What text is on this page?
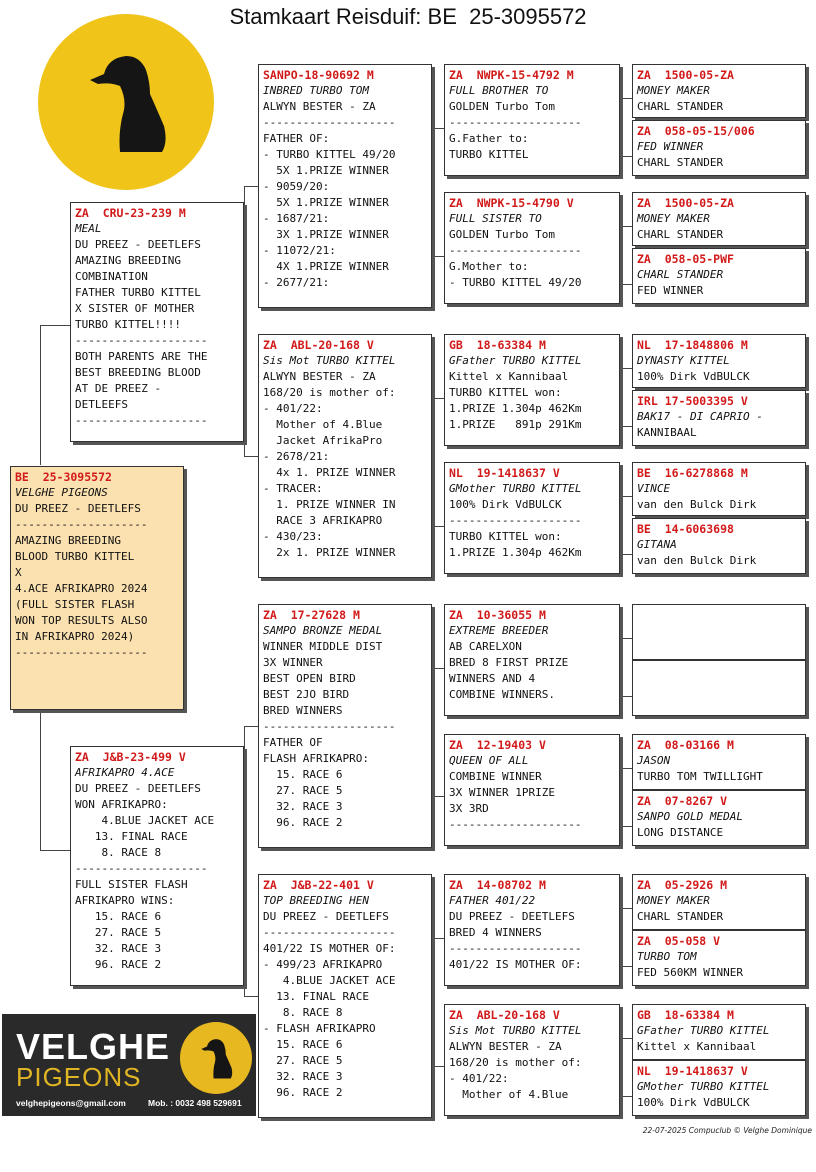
Stamkaart Reisduif: BE  25-3095572
BE  25-3095572
VELGHE PIGEONS
DU PREEZ - DEETLEFS
--------------------
AMAZING BREEDING
BLOOD TURBO KITTEL
X
4.ACE AFRIKAPRO 2024
(FULL SISTER FLASH
WON TOP RESULTS ALSO
IN AFRIKAPRO 2024)
--------------------
ZA  CRU-23-239 M
MEAL
DU PREEZ - DEETLEFS
AMAZING BREEDING
COMBINATION
FATHER TURBO KITTEL
X SISTER OF MOTHER
TURBO KITTEL!!!!
--------------------
BOTH PARENTS ARE THE
BEST BREEDING BLOOD
AT DE PREEZ -
DETLEEFS
--------------------
ZA  J&B-23-499 V
AFRIKAPRO 4.ACE
DU PREEZ - DEETLEFS
WON AFRIKAPRO:
4.BLUE JACKET ACE
13. FINAL RACE
8. RACE 8
--------------------
FULL SISTER FLASH
AFRIKAPRO WINS:
15. RACE 6
27. RACE 5
32. RACE 3
96. RACE 2
SANPO-18-90692 M
INBRED TURBO TOM
ALWYN BESTER - ZA
--------------------
FATHER OF:
- TURBO KITTEL 49/20
5X 1.PRIZE WINNER
- 9059/20:
5X 1.PRIZE WINNER
- 1687/21:
3X 1.PRIZE WINNER
- 11072/21:
4X 1.PRIZE WINNER
- 2677/21:
ZA  ABL-20-168 V
Sis Mot TURBO KITTEL
ALWYN BESTER - ZA
168/20 is mother of:
- 401/22:
Mother of 4.Blue
Jacket AfrikaPro
- 2678/21:
4x 1. PRIZE WINNER
- TRACER:
1. PRIZE WINNER IN
RACE 3 AFRIKAPRO
- 430/23:
2x 1. PRIZE WINNER
ZA  17-27628 M
SAMPO BRONZE MEDAL
WINNER MIDDLE DIST
3X WINNER
BEST OPEN BIRD
BEST 2JO BIRD
BRED WINNERS
--------------------
FATHER OF
FLASH AFRIKAPRO:
15. RACE 6
27. RACE 5
32. RACE 3
96. RACE 2
ZA  J&B-22-401 V
TOP BREEDING HEN
DU PREEZ - DEETLEFS
--------------------
401/22 IS MOTHER OF:
- 499/23 AFRIKAPRO
4.BLUE JACKET ACE
13. FINAL RACE
8. RACE 8
- FLASH AFRIKAPRO
15. RACE 6
27. RACE 5
32. RACE 3
96. RACE 2
ZA  NWPK-15-4792 M
FULL BROTHER TO
GOLDEN Turbo Tom
--------------------
G.Father to:
TURBO KITTEL
ZA  NWPK-15-4790 V
FULL SISTER TO
GOLDEN Turbo Tom
--------------------
G.Mother to:
- TURBO KITTEL 49/20
GB  18-63384 M
GFather TURBO KITTEL
Kittel x Kannibaal
TURBO KITTEL won:
1.PRIZE 1.304p 462Km
1.PRIZE   891p 291Km
NL  19-1418637 V
GMother TURBO KITTEL
100% Dirk VdBULCK
--------------------
TURBO KITTEL won:
1.PRIZE 1.304p 462Km
ZA  10-36055 M
EXTREME BREEDER
AB CARELXON
BRED 8 FIRST PRIZE
WINNERS AND 4
COMBINE WINNERS.
ZA  12-19403 V
QUEEN OF ALL
COMBINE WINNER
3X WINNER 1PRIZE
3X 3RD
--------------------
ZA  14-08702 M
FATHER 401/22
DU PREEZ - DEETLEFS
BRED 4 WINNERS
--------------------
401/22 IS MOTHER OF:
ZA  ABL-20-168 V
Sis Mot TURBO KITTEL
ALWYN BESTER - ZA
168/20 is mother of:
- 401/22:
Mother of 4.Blue
ZA  1500-05-ZA
MONEY MAKER
CHARL STANDER
ZA  058-05-15/006
FED WINNER
CHARL STANDER
ZA  1500-05-ZA
MONEY MAKER
CHARL STANDER
ZA  058-05-PWF
CHARL STANDER
FED WINNER
NL  17-1848806 M
DYNASTY KITTEL
100% Dirk VdBULCK
IRL 17-5003395 V
BAK17 - DI CAPRIO -
KANNIBAAL
BE  16-6278868 M
VINCE
van den Bulck Dirk
BE  14-6063698
GITANA
van den Bulck Dirk
ZA  08-03166 M
JASON
TURBO TOM TWILLIGHT
ZA  07-8267 V
SANPO GOLD MEDAL
LONG DISTANCE
ZA  05-2926 M
MONEY MAKER
CHARL STANDER
ZA  05-058 V
TURBO TOM
FED 560KM WINNER
GB  18-63384 M
GFather TURBO KITTEL
Kittel x Kannibaal
NL  19-1418637 V
GMother TURBO KITTEL
100% Dirk VdBULCK
VELGHE
PIGEONS
velghepigeons@gmail.com	Mob. : 0032 498 529691
22-07-2025 Compuclub © Velghe Dominique
